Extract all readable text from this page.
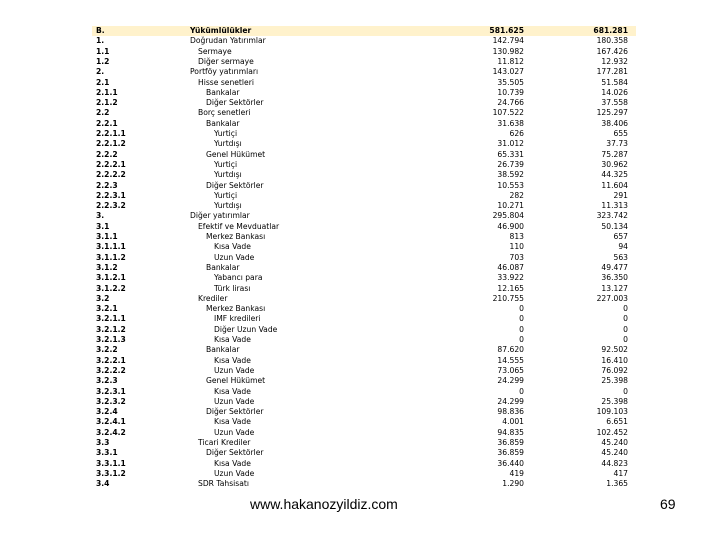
B.	Yükümlülükler	581.625	681.281
1.	Doğrudan Yatırımlar	142.794	180.358
1.1	Sermaye	130.982	167.426
1.2	Diğer sermaye	11.812	12.932
2.	Portföy yatırımları	143.027	177.281
2.1	Hisse senetleri	35.505	51.584
2.1.1	Bankalar	10.739	14.026
2.1.2	Diğer Sektörler	24.766	37.558
2.2	Borç senetleri	107.522	125.297
2.2.1	Bankalar	31.638	38.406
2.2.1.1	Yurtiçi	626	655
2.2.1.2	Yurtdışı	31.012	37.73
2.2.2	Genel Hükümet	65.331	75.287
2.2.2.1	Yurtiçi	26.739	30.962
2.2.2.2	Yurtdışı	38.592	44.325
2.2.3	Diğer Sektörler	10.553	11.604
2.2.3.1	Yurtiçi	282	291
2.2.3.2	Yurtdışı	10.271	11.313
3.	Diğer yatırımlar	295.804	323.742
3.1	Efektif ve Mevduatlar	46.900	50.134
3.1.1	Merkez Bankası	813	657
3.1.1.1	Kısa Vade	110	94
3.1.1.2	Uzun Vade	703	563
3.1.2	Bankalar	46.087	49.477
3.1.2.1	Yabancı para	33.922	36.350
3.1.2.2	Türk lirası	12.165	13.127
3.2	Krediler	210.755	227.003
3.2.1	Merkez Bankası	0	0
3.2.1.1	IMF kredileri	0	0
3.2.1.2	Diğer Uzun Vade	0	0
3.2.1.3	Kısa Vade	0	0
3.2.2	Bankalar	87.620	92.502
3.2.2.1	Kısa Vade	14.555	16.410
3.2.2.2	Uzun Vade	73.065	76.092
3.2.3	Genel Hükümet	24.299	25.398
3.2.3.1	Kısa Vade	0	0
3.2.3.2	Uzun Vade	24.299	25.398
3.2.4	Diğer Sektörler	98.836	109.103
3.2.4.1	Kısa Vade	4.001	6.651
3.2.4.2	Uzun Vade	94.835	102.452
3.3	Ticari Krediler	36.859	45.240
3.3.1	Diğer Sektörler	36.859	45.240
3.3.1.1	Kısa Vade	36.440	44.823
3.3.1.2	Uzun Vade	419	417
3.4	SDR Tahsisatı	1.290	1.365
www.hakanozyildiz.com	69
